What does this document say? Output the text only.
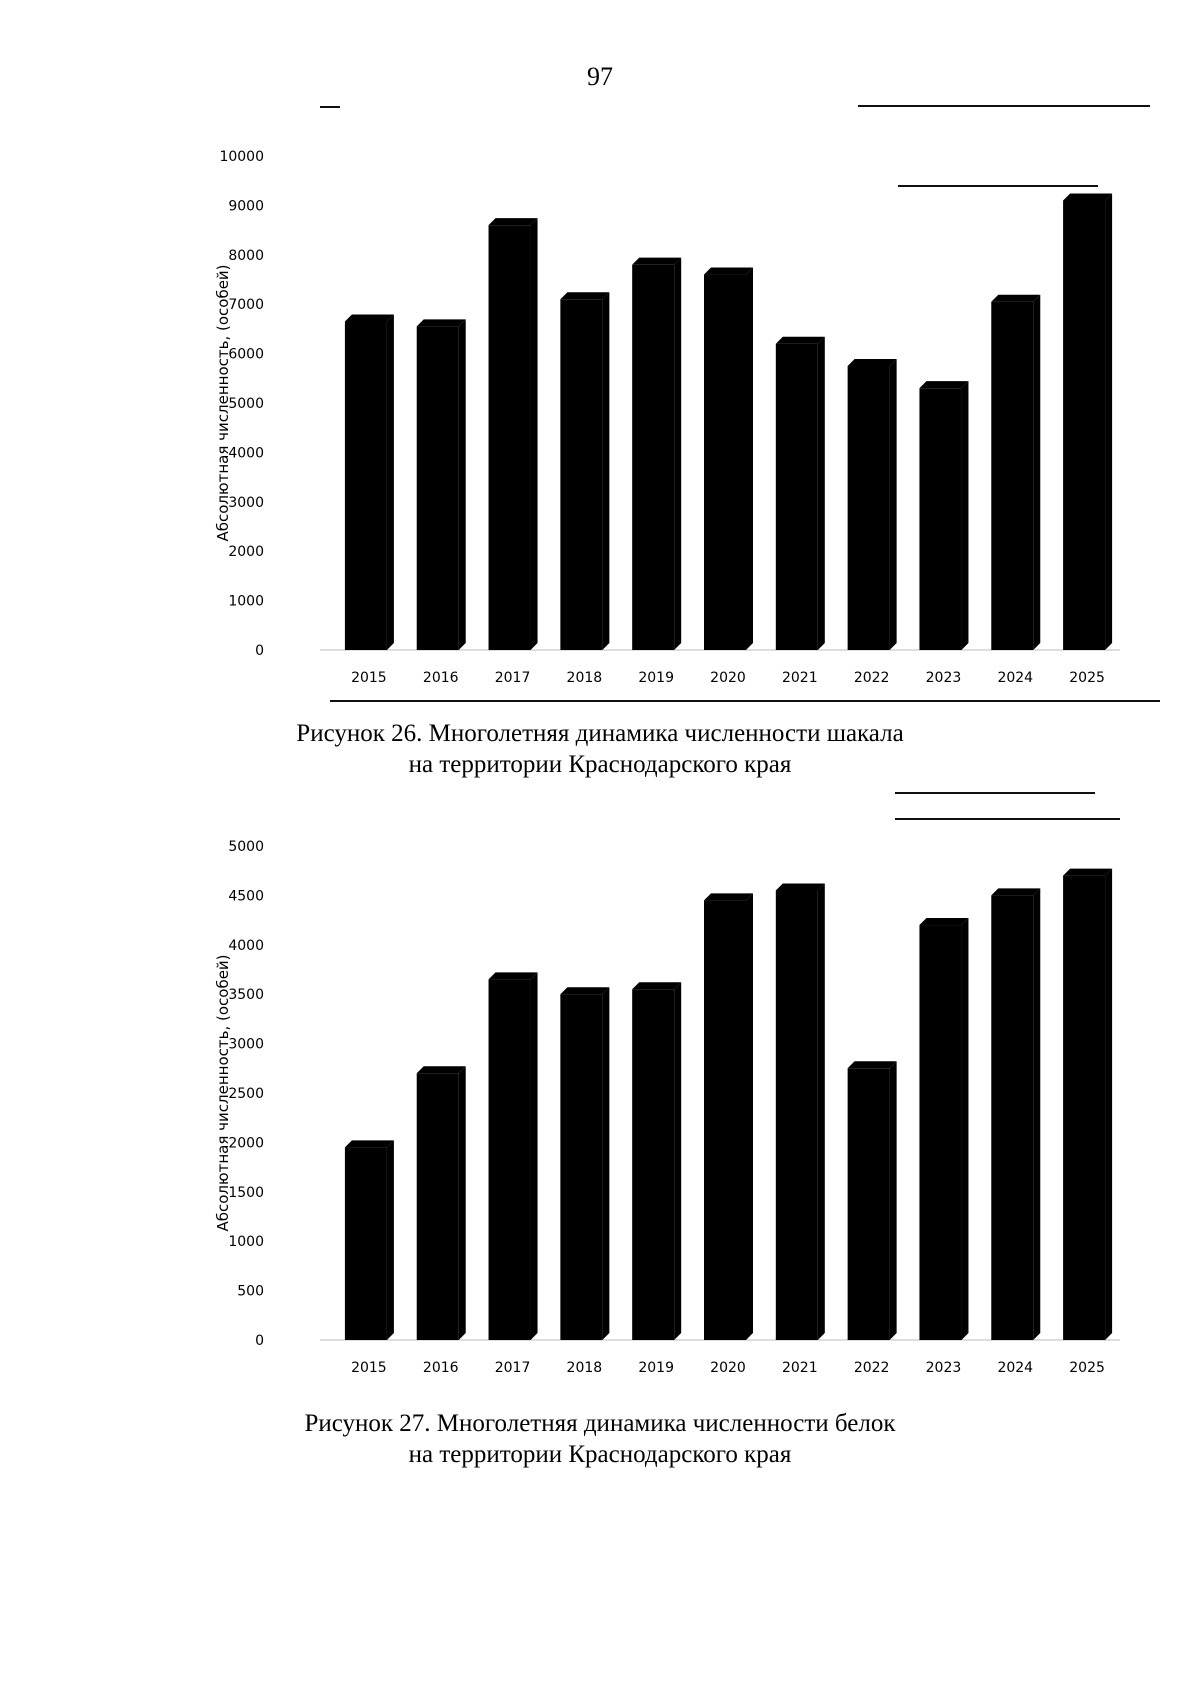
97
0
1000
2000
3000
4000
5000
6000
7000
8000
9000
10000
Абсолютная численность, (особей)
2015	2016	2017	2018	2019	2020	2021	2022	2023	2024	2025
Рисунок 26. Многолетняя динамика численности шакала
на территории Краснодарского края
0
500
1000
1500
2000
2500
3000
3500
4000
4500
5000
Абсолютная численность, (особей)
2015	2016	2017	2018	2019	2020	2021	2022	2023	2024	2025
Рисунок 27. Многолетняя динамика численности белок
на территории Краснодарского края
